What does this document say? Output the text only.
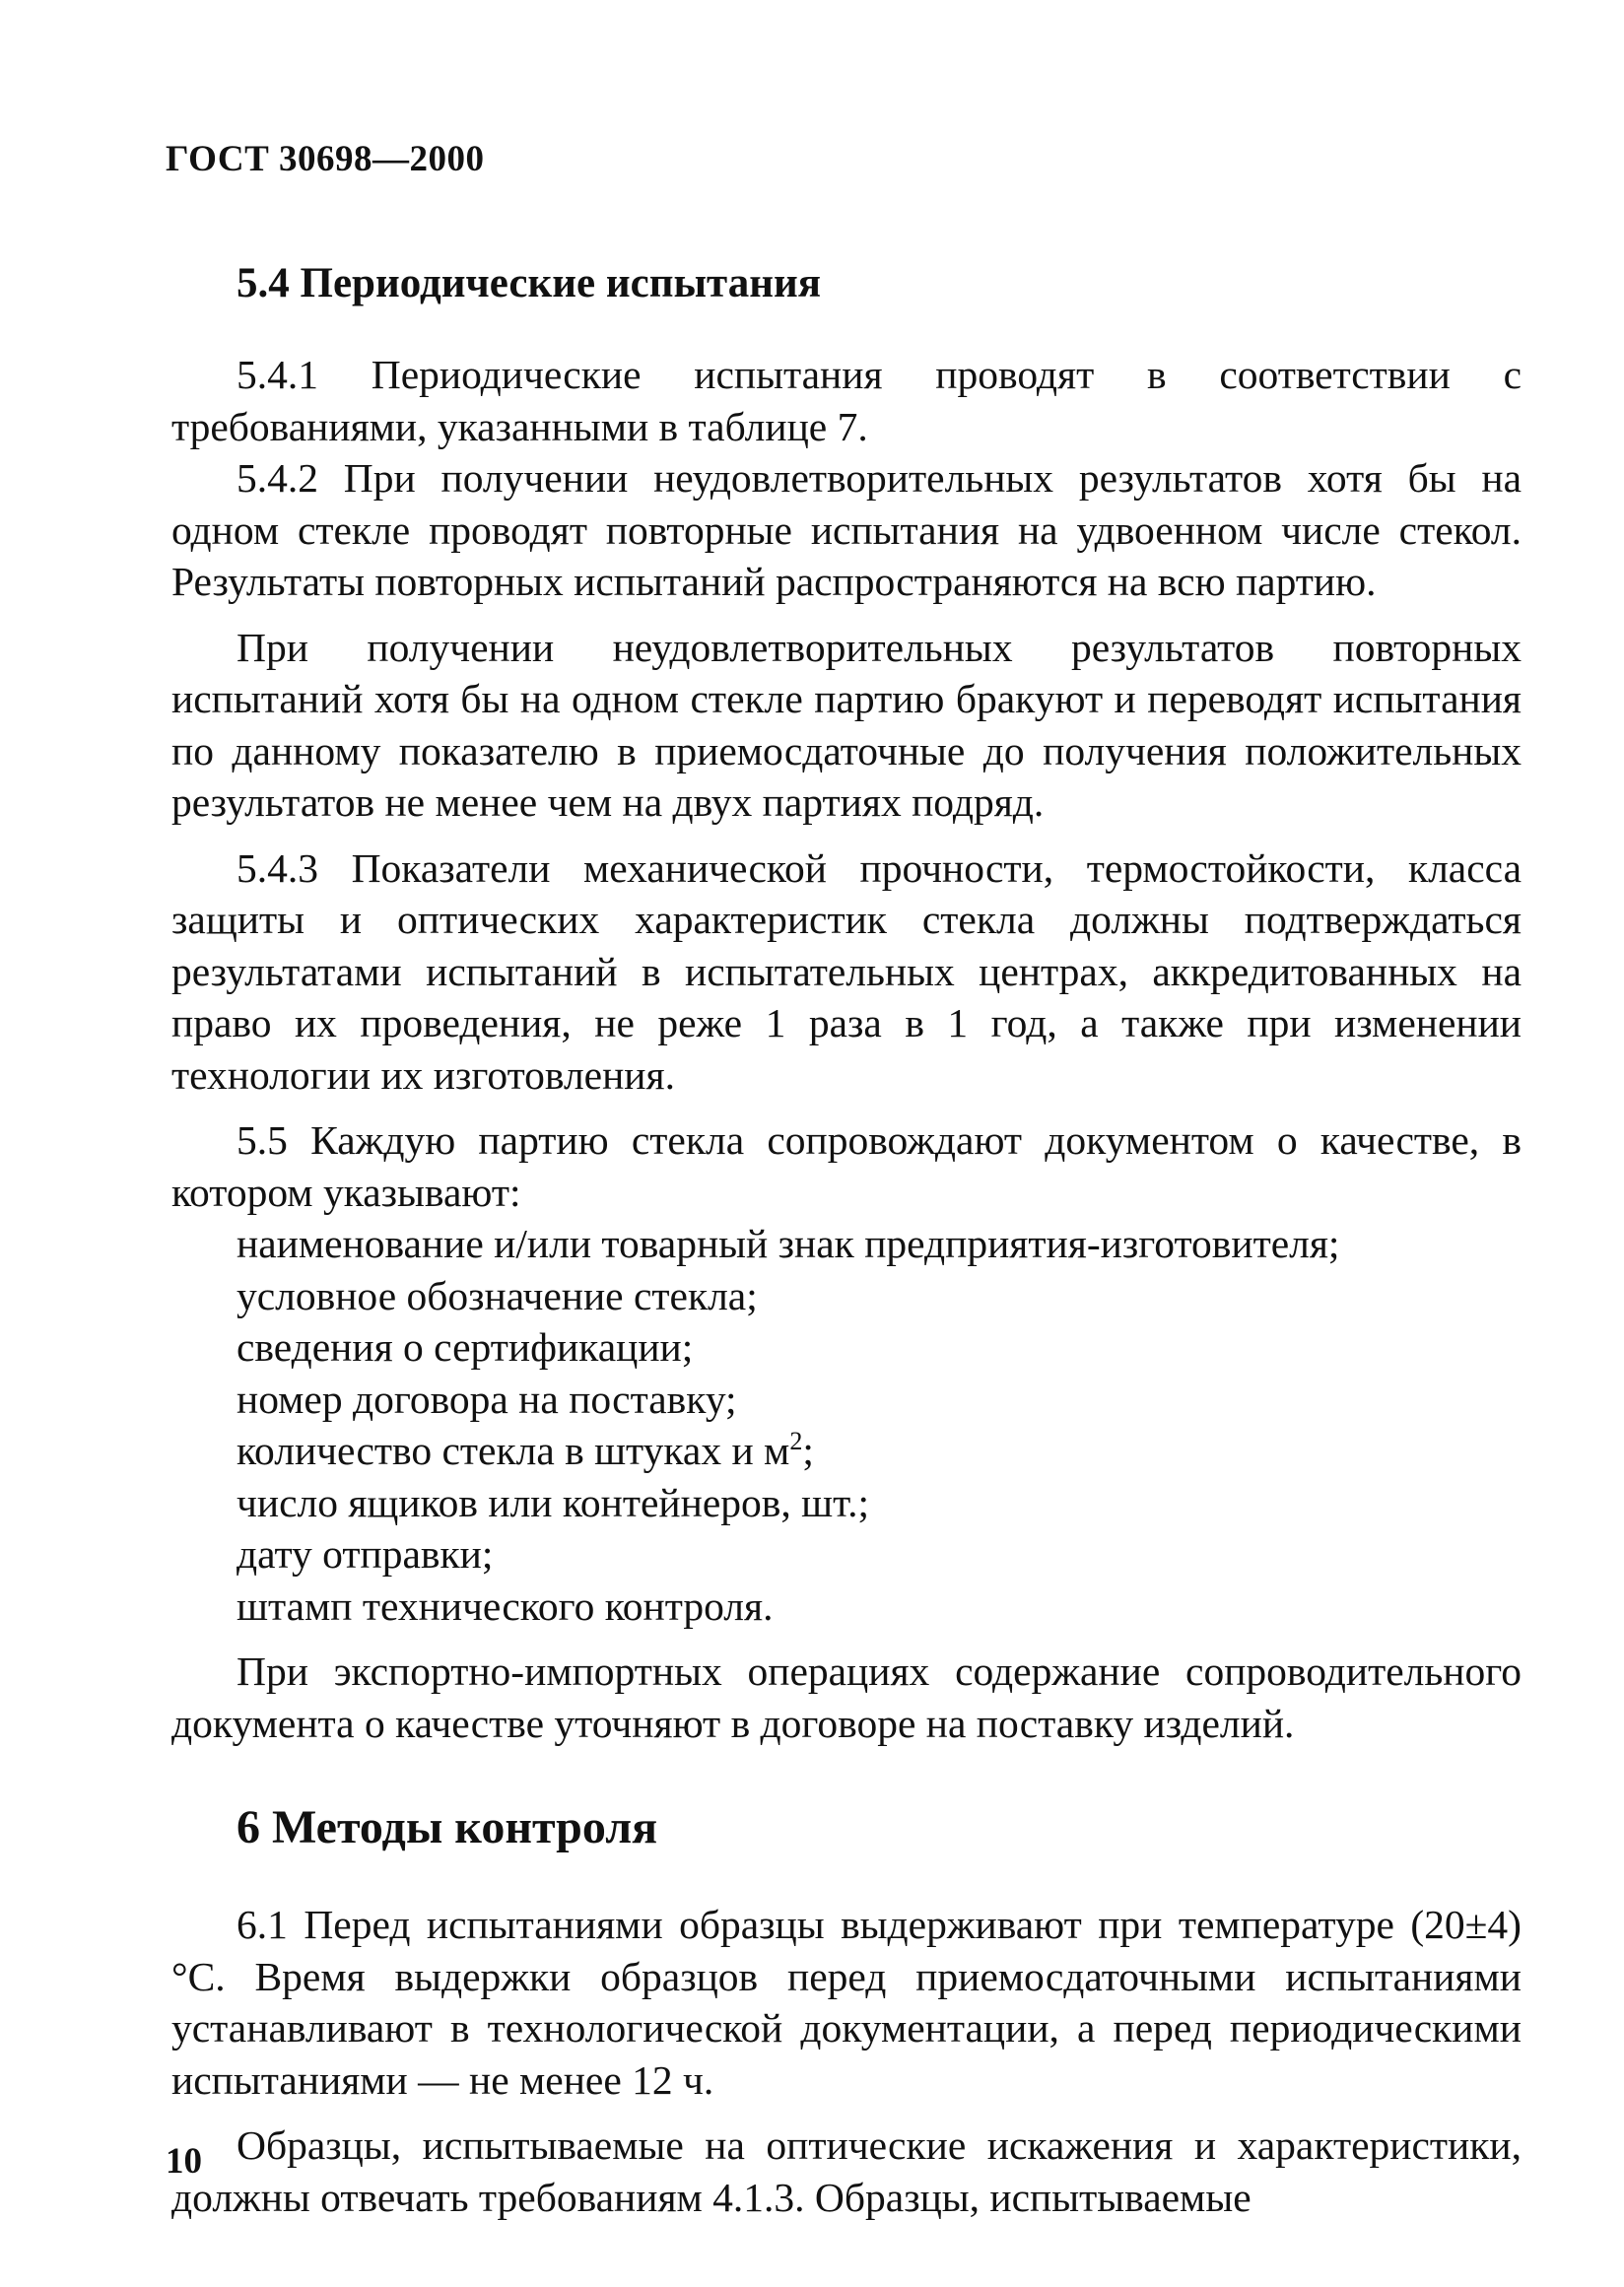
ГОСТ 30698—2000
5.4 Периодические испытания

5.4.1 Периодические испытания проводят в соответствии с требованиями, указанными в таблице 7.

5.4.2 При получении неудовлетворительных результатов хотя бы на одном стекле проводят повторные испытания на удвоенном числе стекол. Результаты повторных испытаний распространяются на всю партию.

При получении неудовлетворительных результатов повторных испытаний хотя бы на одном стекле партию бракуют и переводят испытания по данному показателю в приемосдаточные до получения положительных результатов не менее чем на двух партиях подряд.

5.4.3 Показатели механической прочности, термостойкости, класса защиты и оптических характеристик стекла должны подтверждаться результатами испытаний в испытательных центрах, аккредитованных на право их проведения, не реже 1 раза в 1 год, а также при изменении технологии их изготовления.

5.5 Каждую партию стекла сопровождают документом о качестве, в котором указывают:

наименование и/или товарный знак предприятия-изготовителя;
условное обозначение стекла;
сведения о сертификации;
номер договора на поставку;
количество стекла в штуках и $м^2$;
число ящиков или контейнеров, шт.;
дату отправки;
штамп технического контроля.

При экспортно-импортных операциях содержание сопроводительного документа о качестве уточняют в договоре на поставку изделий.

6 Методы контроля

6.1 Перед испытаниями образцы выдерживают при температуре (20±4) °С. Время выдержки образцов перед приемосдаточными испытаниями устанавливают в технологической документации, а перед периодическими испытаниями — не менее 12 ч.

Образцы, испытываемые на оптические искажения и характеристики, должны отвечать требованиям 4.1.3. Образцы, испытываемые

10
